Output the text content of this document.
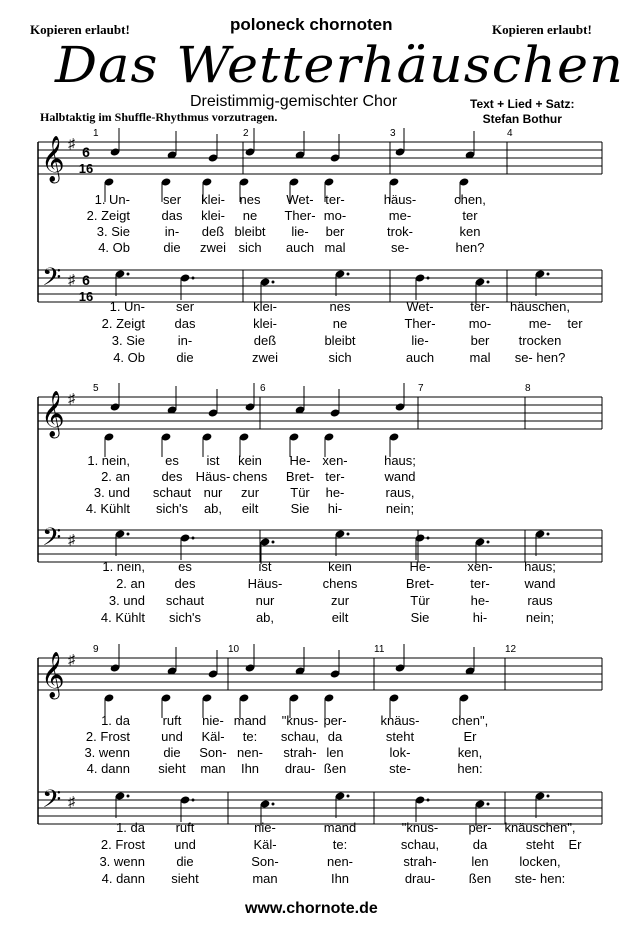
Kopieren erlaubt!	Kopieren erlaubt!
poloneck chornoten
Das Wetterhäuschen
Dreistimmig-gemischter Chor	Text + Lied + Satz:
Stefan Bothur
Halbtaktig im Shuffle-Rhythmus vorzutragen.
𝄞
𝄢
♯
♯
6
16
6
16
1	2	3	4
1. Un-	ser klei- nes Wet- ter-	häus-	chen,
2. Zeigt das klei- ne Ther- mo-	me-	ter
3. Sie	in- deß bleibt lie- ber	trok-	ken
4. Ob	die zwei sich auch mal	se-	hen?
1. Un- ser	klei-	nes	Wet-	ter- häuschen,
2. Zeigt das	klei-	ne	Ther-	mo-	me- ter
3. Sie	in-	deß	bleibt	lie-	ber trocken
4. Ob die	zwei	sich	auch	mal se- hen?
𝄞
𝄢
♯
♯
5	6	7	8
1. nein,	es ist kein He- xen-	haus;
2. an des Häus- chens Bret- ter-	wand
3. und schaut nur zur Tür he-	raus,
4. Kühlt sich's ab, eilt Sie hi-	nein;
1. nein,	es	ist	kein	He-	xen- haus;
2. an des	Häus-	chens	Bret-	ter-	wand
3. und schaut	nur	zur	Tür	he-	raus
4. Kühlt sich's	ab,	eilt	Sie	hi-	nein;
𝄞
𝄢
♯
♯
9	10	11	12
1. da	ruft nie- mand "knus- per-	knäus- chen",
2. Frost und Käl- te: schau, da	steht	Er
3. wenn	die Son- nen- strah- len	lok-	ken,
4. dann sieht man Ihn drau- ßen	ste-	hen:
1. da ruft	nie-	mand	"knus- per- knäuschen",
2. Frost und	Käl-	te:	schau,	da	steht Er
3. wenn die	Son-	nen-	strah-	len locken,
4. dann sieht	man	Ihn	drau-	ßen ste- hen:
www.chornote.de
